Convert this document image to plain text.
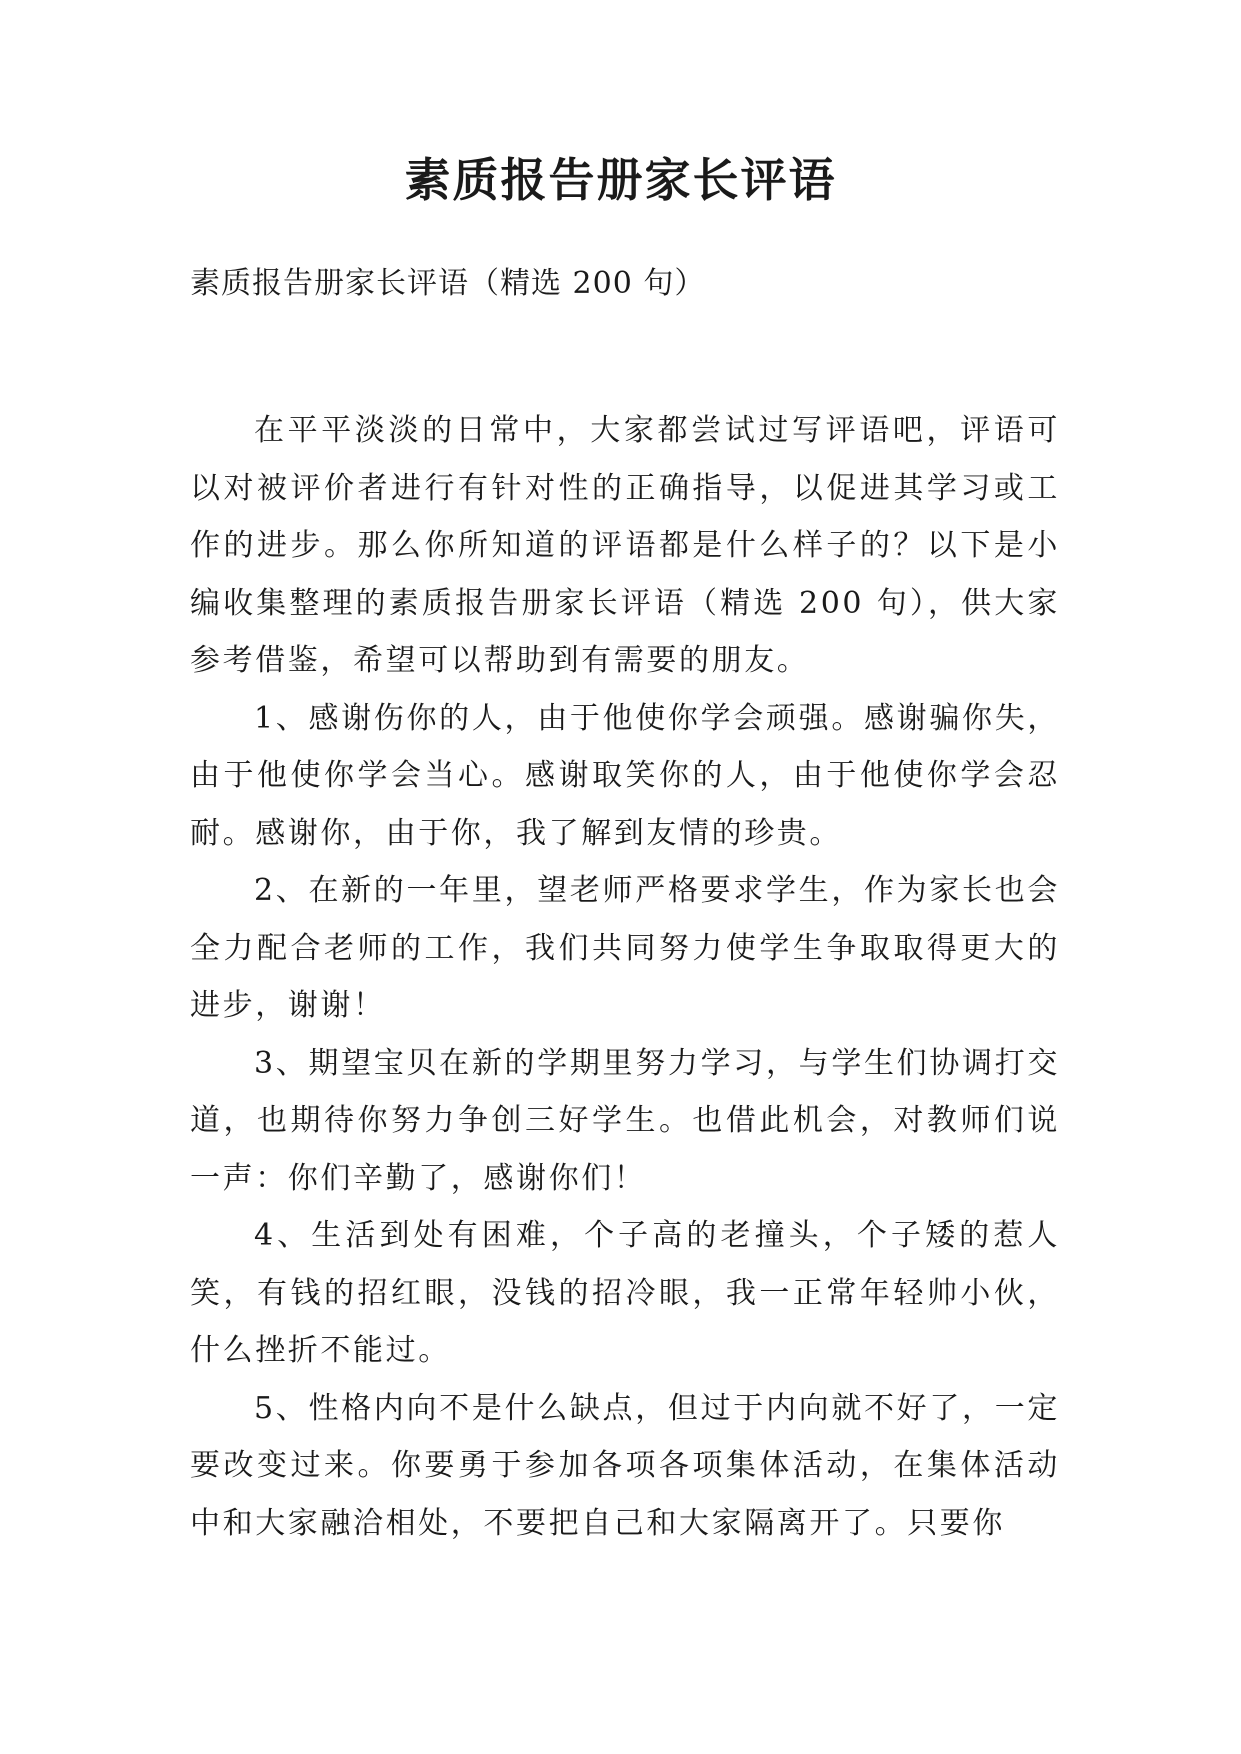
素质报告册家长评语

素质报告册家长评语（精选 200 句）

在平平淡淡的日常中，大家都尝试过写评语吧，评语可以对被评价者进行有针对性的正确指导，以促进其学习或工作的进步。那么你所知道的评语都是什么样子的？以下是小编收集整理的素质报告册家长评语（精选 200 句），供大家参考借鉴，希望可以帮助到有需要的朋友。

1、感谢伤你的人，由于他使你学会顽强。感谢骗你失，由于他使你学会当心。感谢取笑你的人，由于他使你学会忍耐。感谢你，由于你，我了解到友情的珍贵。

2、在新的一年里，望老师严格要求学生，作为家长也会全力配合老师的工作，我们共同努力使学生争取取得更大的进步，谢谢！

3、期望宝贝在新的学期里努力学习，与学生们协调打交道，也期待你努力争创三好学生。也借此机会，对教师们说一声：你们辛勤了，感谢你们！

4、生活到处有困难，个子高的老撞头，个子矮的惹人笑，有钱的招红眼，没钱的招冷眼，我一正常年轻帅小伙，什么挫折不能过。

5、性格内向不是什么缺点，但过于内向就不好了，一定要改变过来。你要勇于参加各项各项集体活动，在集体活动中和大家融洽相处，不要把自己和大家隔离开了。只要你
